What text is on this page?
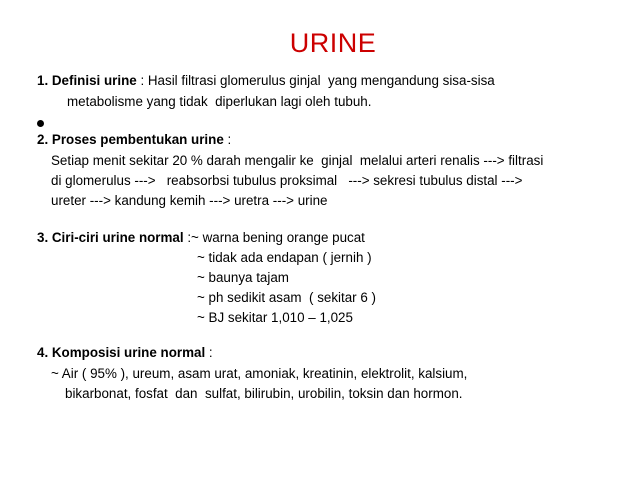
URINE
1. Definisi urine : Hasil filtrasi glomerulus ginjal  yang mengandung sisa-sisa
metabolisme yang tidak  diperlukan lagi oleh tubuh.
2. Proses pembentukan urine :
Setiap menit sekitar 20 % darah mengalir ke  ginjal  melalui arteri renalis ---> filtrasi
di glomerulus --->   reabsorbsi tubulus proksimal   ---> sekresi tubulus distal --->
ureter ---> kandung kemih ---> uretra ---> urine
3. Ciri-ciri urine normal :~ warna bening orange pucat
~ tidak ada endapan ( jernih )
~ baunya tajam
~ ph sedikit asam  ( sekitar 6 )
~ BJ sekitar 1,010 – 1,025
4. Komposisi urine normal :
~ Air ( 95% ), ureum, asam urat, amoniak, kreatinin, elektrolit, kalsium,
bikarbonat, fosfat  dan  sulfat, bilirubin, urobilin, toksin dan hormon.
